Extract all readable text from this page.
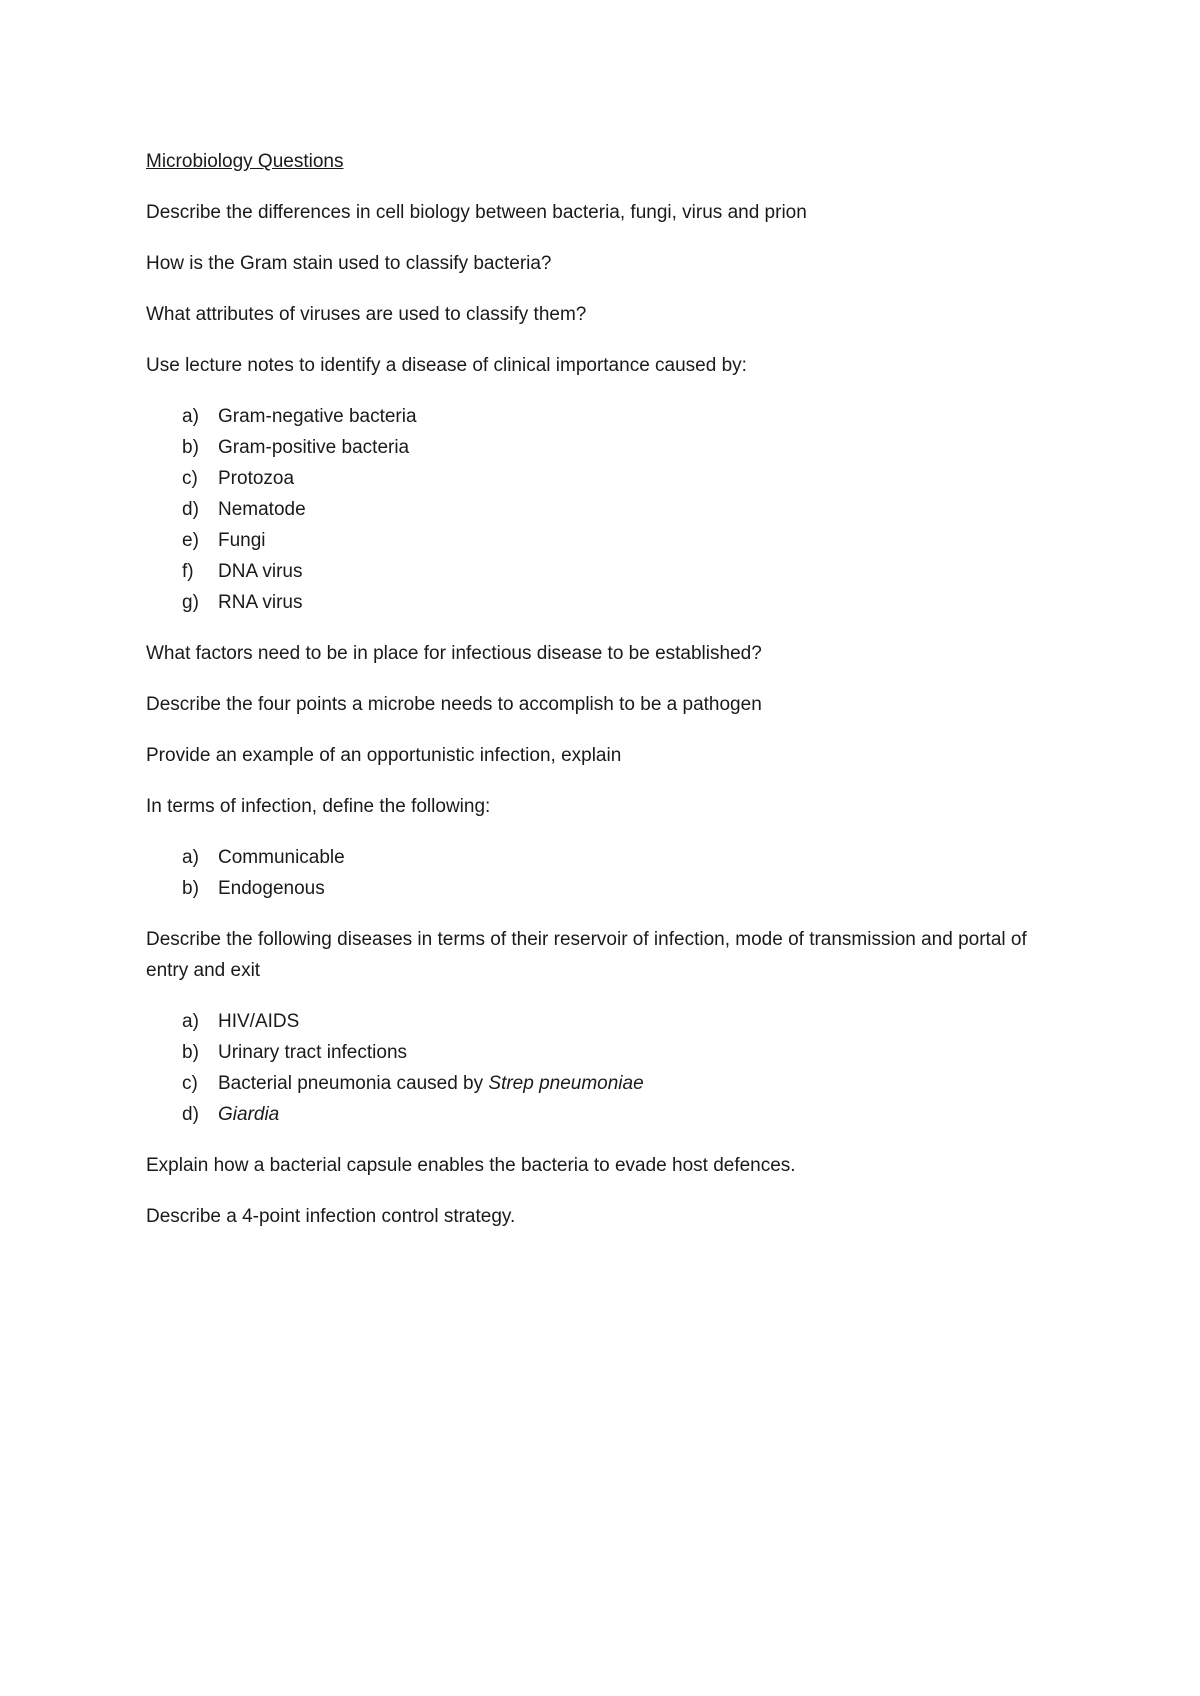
Microbiology Questions

Describe the differences in cell biology between bacteria, fungi, virus and prion

How is the Gram stain used to classify bacteria?

What attributes of viruses are used to classify them?

Use lecture notes to identify a disease of clinical importance caused by:

a)	Gram-negative bacteria
b)	Gram-positive bacteria
c)	Protozoa
d)	Nematode
e)	Fungi
f)	DNA virus
g)	RNA virus

What factors need to be in place for infectious disease to be established?

Describe the four points a microbe needs to accomplish to be a pathogen

Provide an example of an opportunistic infection, explain

In terms of infection, define the following:

a)	Communicable
b)	Endogenous

Describe the following diseases in terms of their reservoir of infection, mode of transmission and portal of entry and exit

a)	HIV/AIDS
b)	Urinary tract infections
c)	Bacterial pneumonia caused by Strep pneumoniae
d)	Giardia

Explain how a bacterial capsule enables the bacteria to evade host defences.

Describe a 4-point infection control strategy.
